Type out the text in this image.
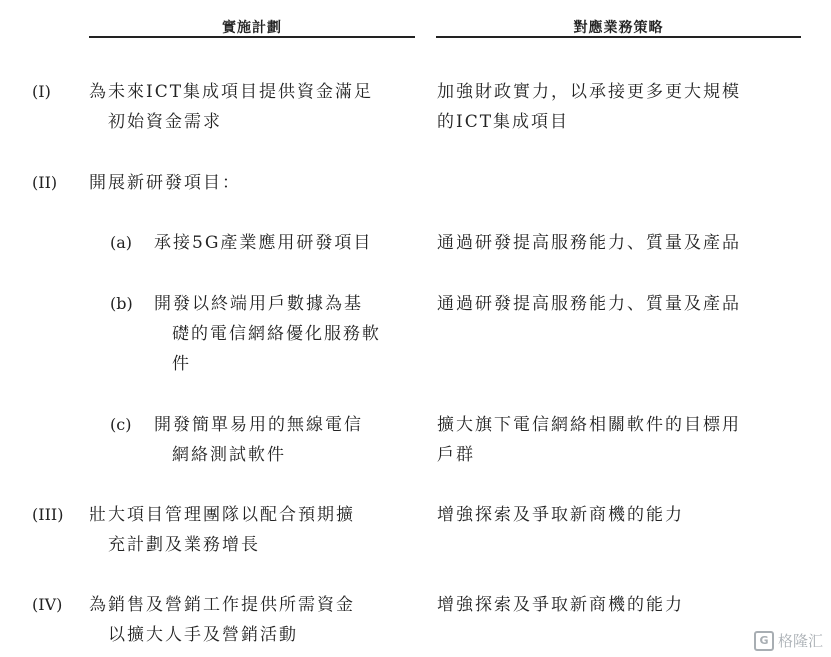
實施計劃	對應業務策略
(I) 為未來ICT集成項目提供資金滿足
初始資金需求
加強財政實力，以承接更多更大規模
的ICT集成項目
(II) 開展新研發項目：
(a) 承接5G產業應用研發項目	通過研發提高服務能力、質量及產品
(b) 開發以終端用戶數據為基
礎的電信網絡優化服務軟
件
通過研發提高服務能力、質量及產品
(c) 開發簡單易用的無線電信
網絡測試軟件
擴大旗下電信網絡相關軟件的目標用
戶群
(III) 壯大項目管理團隊以配合預期擴
充計劃及業務增長
增強探索及爭取新商機的能力
(IV) 為銷售及營銷工作提供所需資金
以擴大人手及營銷活動
增強探索及爭取新商機的能力
G 格隆汇
